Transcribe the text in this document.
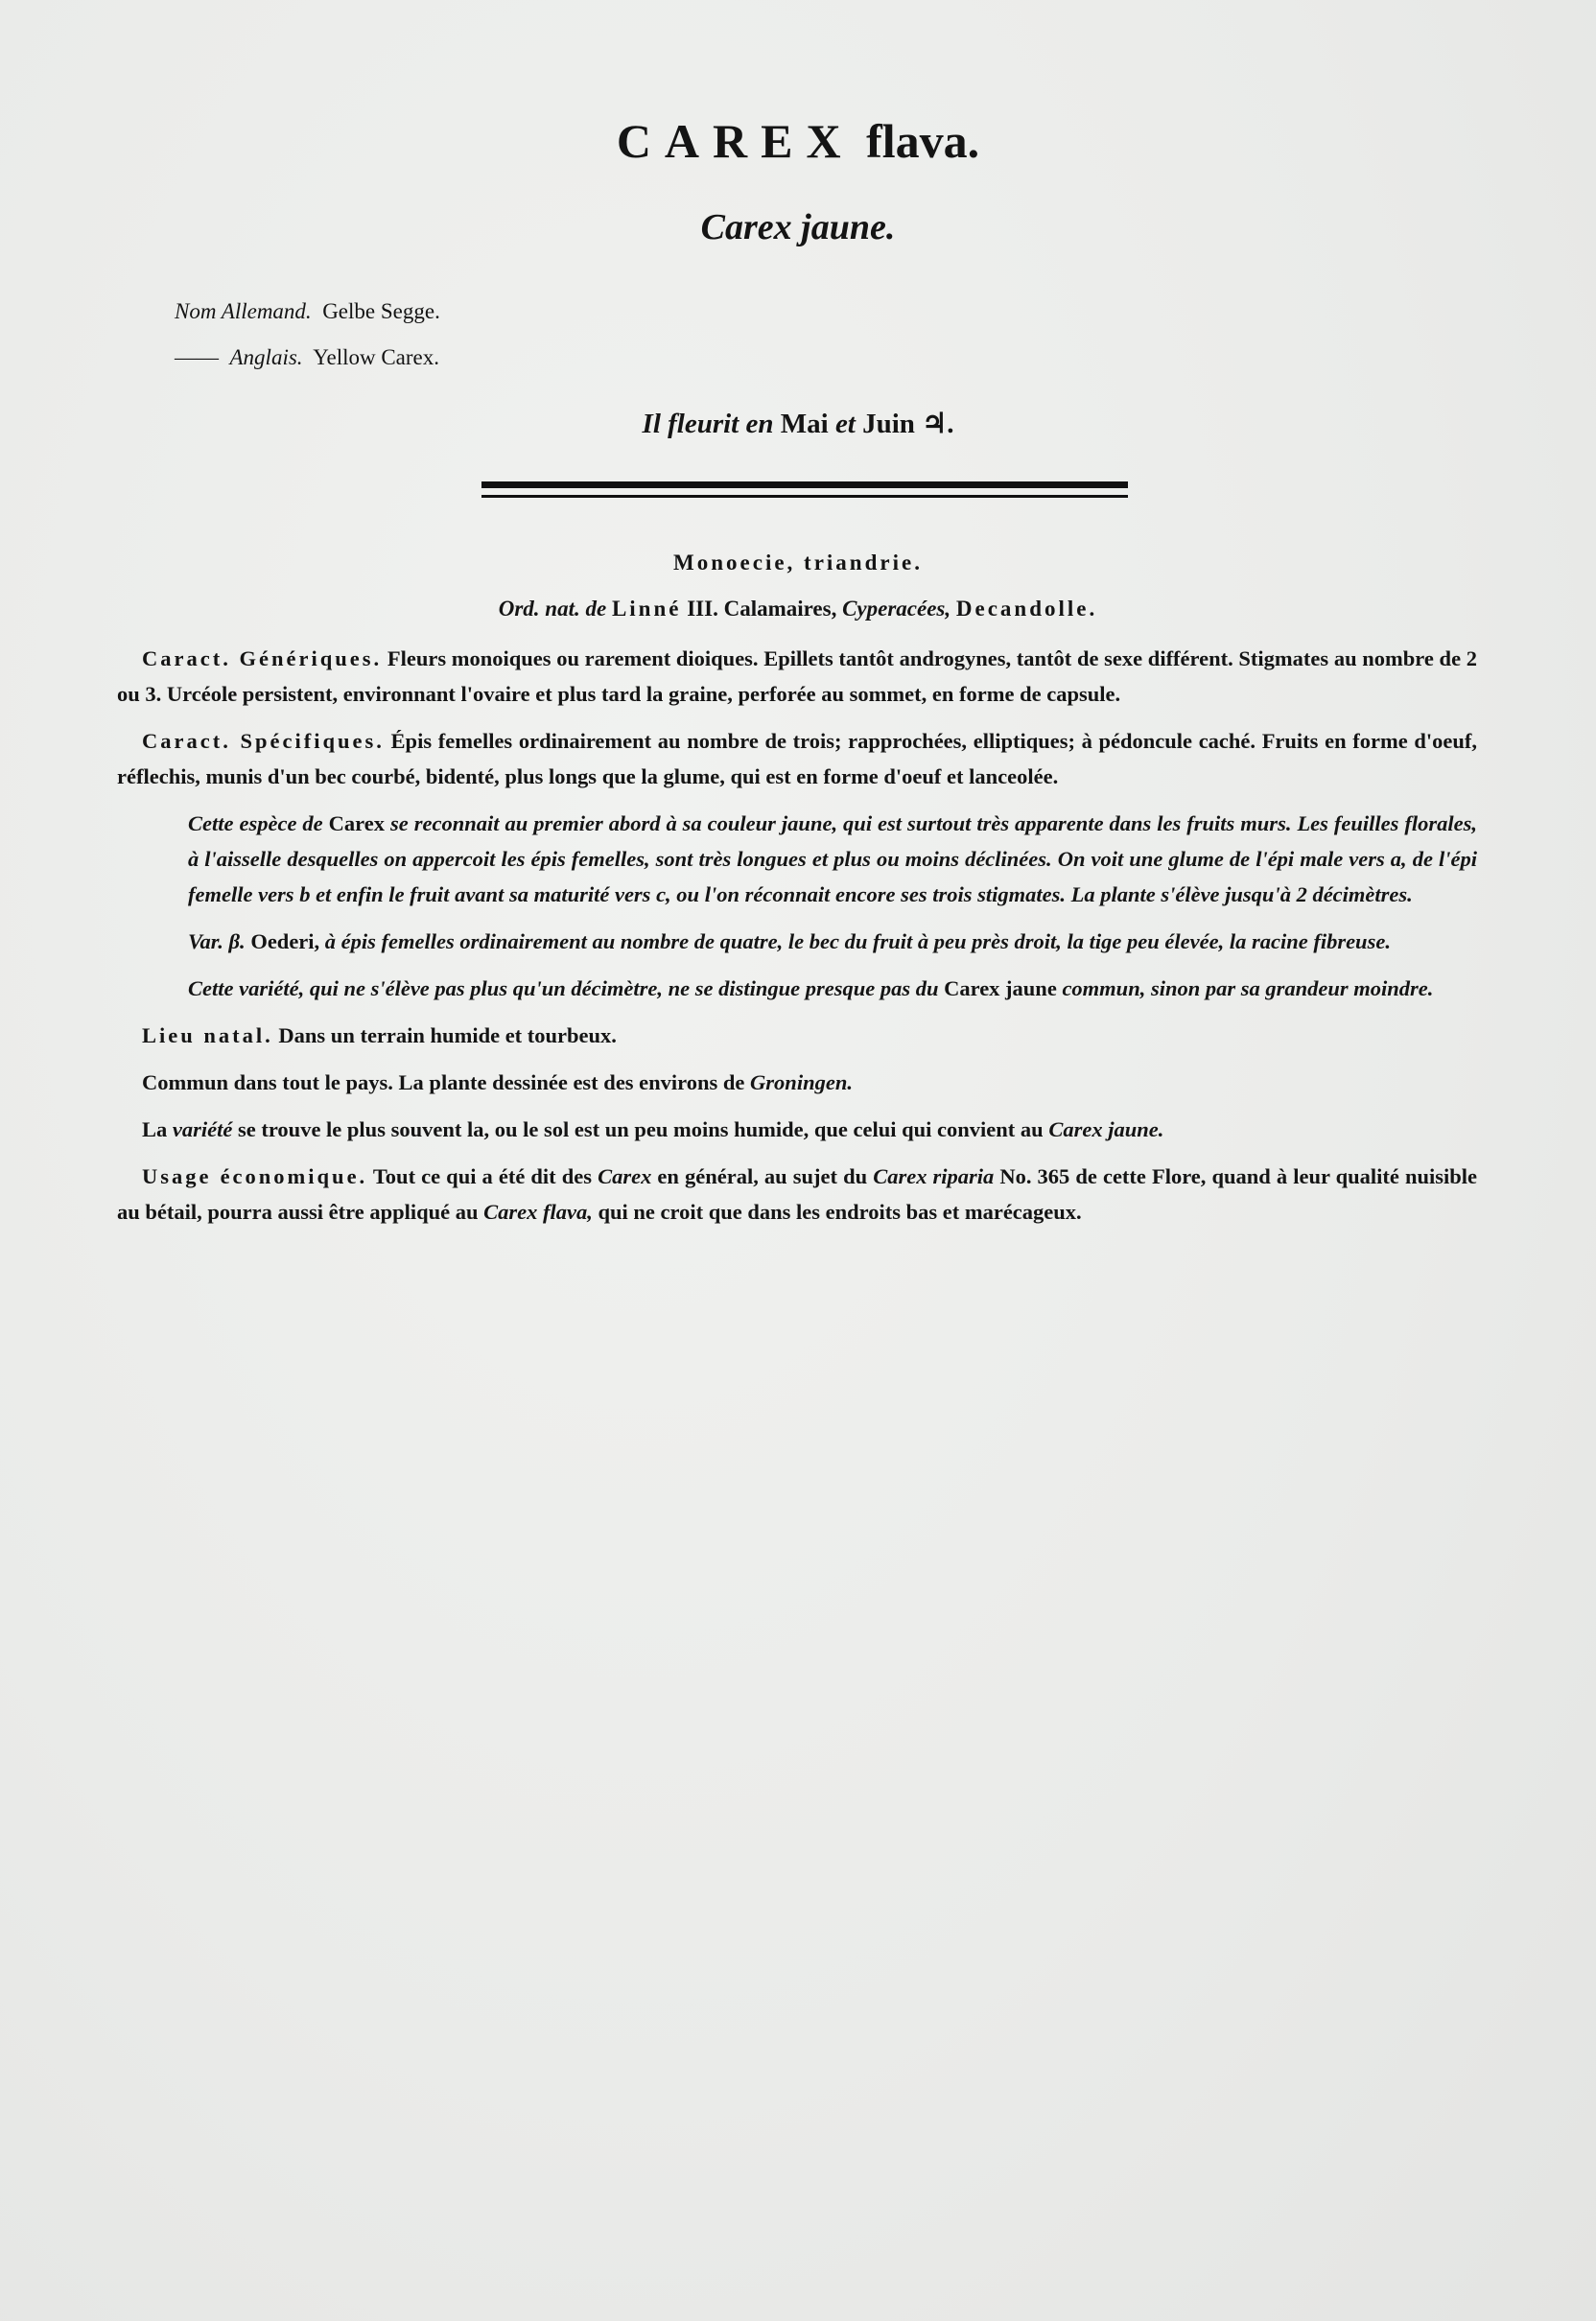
CAREX flava.
Carex jaune.
Nom Allemand. Gelbe Segge.
—— Anglais. Yellow Carex.
Il fleurit en Mai et Juin ♃.
Monoecie, triandrie.
Ord. nat. de Linné III. Calamaires, Cyperacées, Decandolle.

Caract. Génériques. Fleurs monoiques ou rarement dioiques. Epillets tantôt androgynes, tantôt de sexe différent. Stigmates au nombre de 2 ou 3. Urcéole persistent, environnant l'ovaire et plus tard la graine, perforée au sommet, en forme de capsule.

Caract. Spécifiques. Épis femelles ordinairement au nombre de trois; rapprochées, elliptiques; à pédoncule caché. Fruits en forme d'oeuf, réflechis, munis d'un bec courbé, bidenté, plus longs que la glume, qui est en forme d'oeuf et lanceolée.

Cette espèce de Carex se reconnait au premier abord à sa couleur jaune, qui est surtout très apparente dans les fruits murs. Les feuilles florales, à l'aisselle desquelles on appercoit les épis femelles, sont très longues et plus ou moins déclinées. On voit une glume de l'épi male vers a, de l'épi femelle vers b et enfin le fruit avant sa maturité vers c, ou l'on réconnait encore ses trois stigmates. La plante s'élève jusqu'à 2 décimètres.

Var. β. Oederi, à épis femelles ordinairement au nombre de quatre, le bec du fruit à peu près droit, la tige peu élevée, la racine fibreuse.

Cette variété, qui ne s'élève pas plus qu'un décimètre, ne se distingue presque pas du Carex jaune commun, sinon par sa grandeur moindre.

Lieu natal. Dans un terrain humide et tourbeux.

Commun dans tout le pays. La plante dessinée est des environs de Groningen.

La variété se trouve le plus souvent la, ou le sol est un peu moins humide, que celui qui convient au Carex jaune.

Usage économique. Tout ce qui a été dit des Carex en général, au sujet du Carex riparia No. 365 de cette Flore, quand à leur qualité nuisible au bétail, pourra aussi être appliqué au Carex flava, qui ne croit que dans les endroits bas et marécageux.
